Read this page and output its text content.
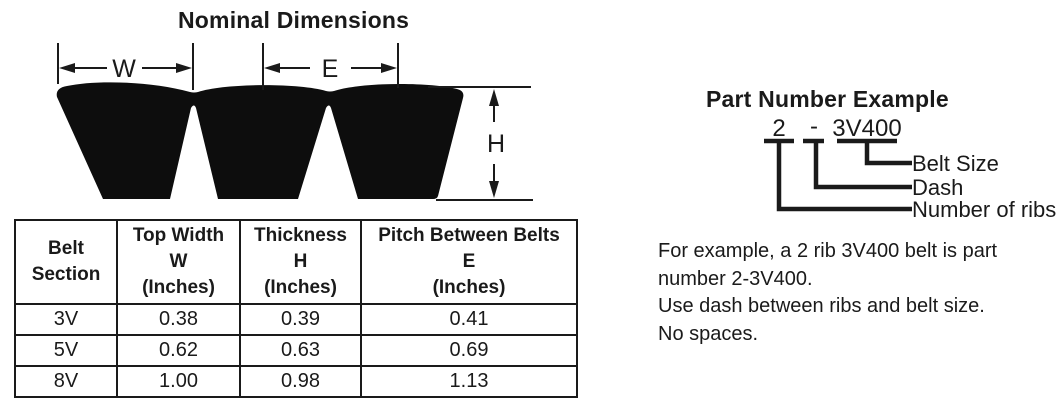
Nominal Dimensions
W	E
H
Belt
Section

Top Width
W
(Inches)

Thickness
H
(Inches)

Pitch Between Belts
E
(Inches)

3V	0.38	0.39	0.41
5V	0.62	0.63	0.69
8V	1.00	0.98	1.13
Part Number Example
2 - 3V400
Belt Size
Dash
Number of ribs
For example, a 2 rib 3V400 belt is part
number 2-3V400.
Use dash between ribs and belt size.
No spaces.
